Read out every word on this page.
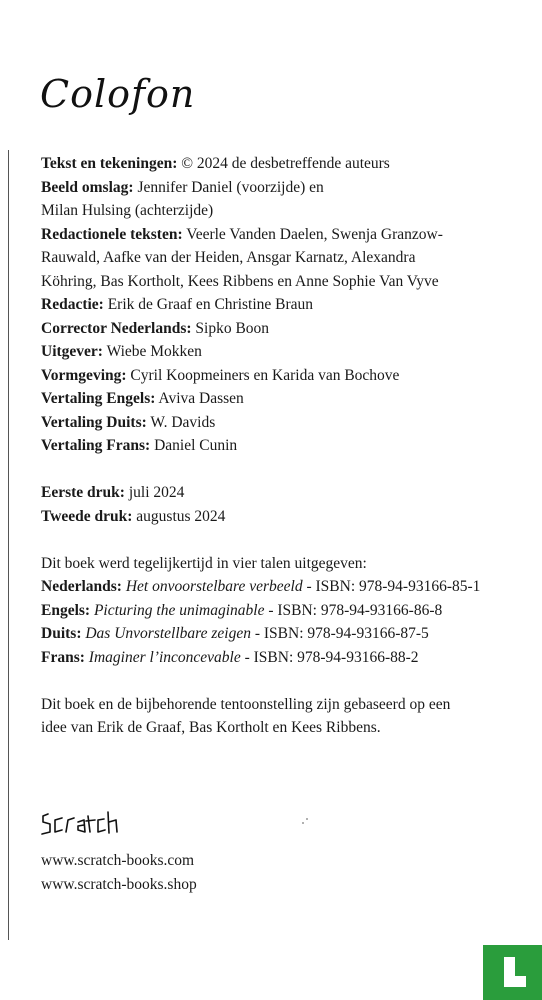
Colofon
Tekst en tekeningen: © 2024 de desbetreffende auteurs
Beeld omslag: Jennifer Daniel (voorzijde) en
Milan Hulsing (achterzijde)
Redactionele teksten: Veerle Vanden Daelen, Swenja Granzow-
Rauwald, Aafke van der Heiden, Ansgar Karnatz, Alexandra
Köhring, Bas Kortholt, Kees Ribbens en Anne Sophie Van Vyve
Redactie: Erik de Graaf en Christine Braun
Corrector Nederlands: Sipko Boon
Uitgever: Wiebe Mokken
Vormgeving: Cyril Koopmeiners en Karida van Bochove
Vertaling Engels: Aviva Dassen
Vertaling Duits: W. Davids
Vertaling Frans: Daniel Cunin
Eerste druk: juli 2024
Tweede druk: augustus 2024
Dit boek werd tegelijkertijd in vier talen uitgegeven:
Nederlands: Het onvoorstelbare verbeeld - ISBN: 978-94-93166-85-1
Engels: Picturing the unimaginable - ISBN: 978-94-93166-86-8
Duits: Das Unvorstellbare zeigen - ISBN: 978-94-93166-87-5
Frans: Imaginer l’inconcevable - ISBN: 978-94-93166-88-2
Dit boek en de bijbehorende tentoonstelling zijn gebaseerd op een
idee van Erik de Graaf, Bas Kortholt en Kees Ribbens.
www.scratch-books.com
www.scratch-books.shop
